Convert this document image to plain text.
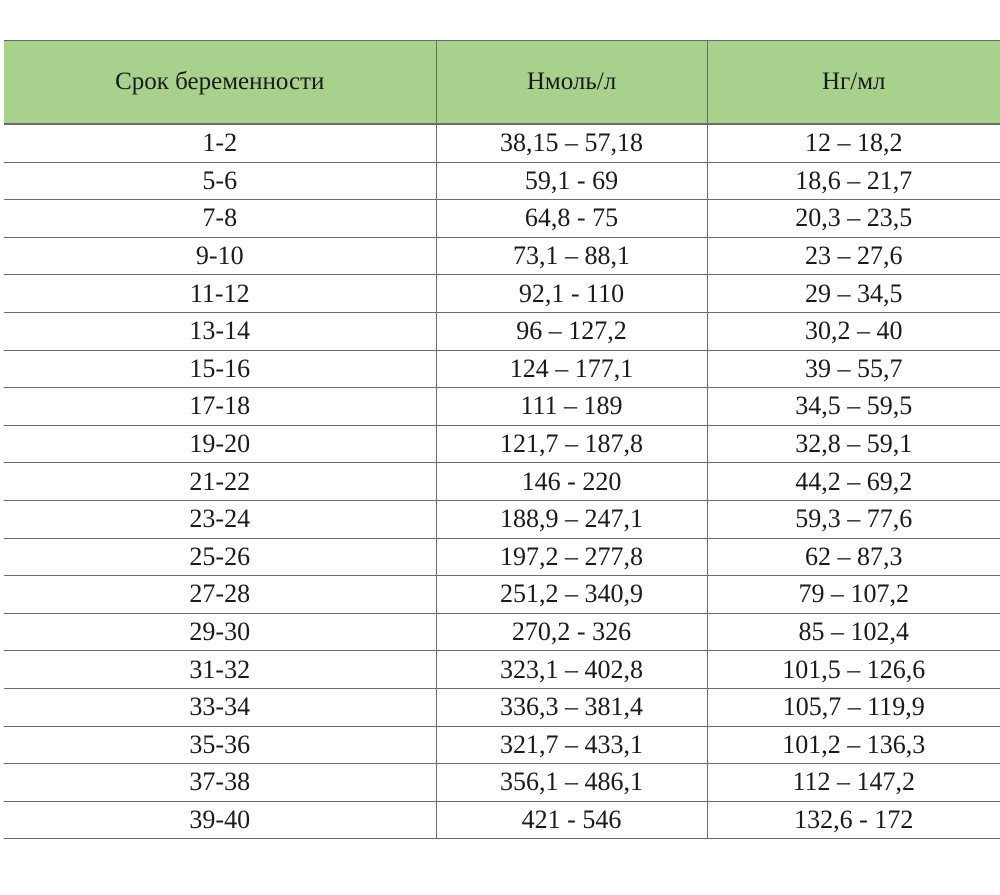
Срок беременности	Нмоль/л	Нг/мл
1-2	38,15 – 57,18	12 – 18,2
5-6	59,1 - 69	18,6 – 21,7
7-8	64,8 - 75	20,3 – 23,5
9-10	73,1 – 88,1	23 – 27,6
11-12	92,1 - 110	29 – 34,5
13-14	96 – 127,2	30,2 – 40
15-16	124 – 177,1	39 – 55,7
17-18	111 – 189	34,5 – 59,5
19-20	121,7 – 187,8	32,8 – 59,1
21-22	146 - 220	44,2 – 69,2
23-24	188,9 – 247,1	59,3 – 77,6
25-26	197,2 – 277,8	62 – 87,3
27-28	251,2 – 340,9	79 – 107,2
29-30	270,2 - 326	85 – 102,4
31-32	323,1 – 402,8	101,5 – 126,6
33-34	336,3 – 381,4	105,7 – 119,9
35-36	321,7 – 433,1	101,2 – 136,3
37-38	356,1 – 486,1	112 – 147,2
39-40	421 - 546	132,6 - 172
